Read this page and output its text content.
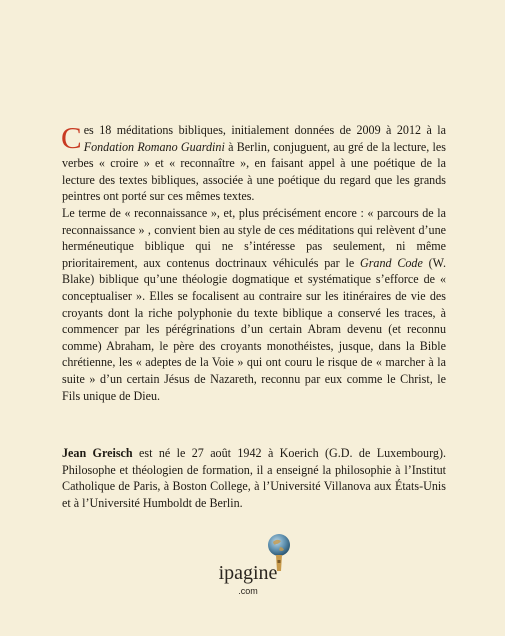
Ces 18 méditations bibliques, initialement données de 2009 à 2012 à la Fondation Romano Guardini à Berlin, conjuguent, au gré de la lecture, les verbes « croire » et « reconnaître », en faisant appel à une poétique de la lecture des textes bibliques, associée à une poétique du regard que les grands peintres ont porté sur ces mêmes textes.

Le terme de « reconnaissance », et, plus précisément encore : « parcours de la reconnaissance » , convient bien au style de ces méditations qui relèvent d’une herméneutique biblique qui ne s’intéresse pas seulement, ni même prioritairement, aux contenus doctrinaux véhiculés par le Grand Code (W. Blake) biblique qu’une théologie dogmatique et systématique s’efforce de « conceptualiser ». Elles se focalisent au contraire sur les itinéraires de vie des croyants dont la riche polyphonie du texte biblique a conservé les traces, à commencer par les pérégrinations d’un certain Abram devenu (et reconnu comme) Abraham, le père des croyants monothéistes, jusque, dans la Bible chrétienne, les « adeptes de la Voie » qui ont couru le risque de « marcher à la suite » d’un certain Jésus de Nazareth, reconnu par eux comme le Christ, le Fils unique de Dieu.

Jean Greisch est né le 27 août 1942 à Koerich (G.D. de Luxembourg). Philosophe et théologien de formation, il a enseigné la philosophie à l’Institut Catholique de Paris, à Boston College, à l’Université Villanova aux États-Unis et à l’Université Humboldt de Berlin.

ipagine
.com
